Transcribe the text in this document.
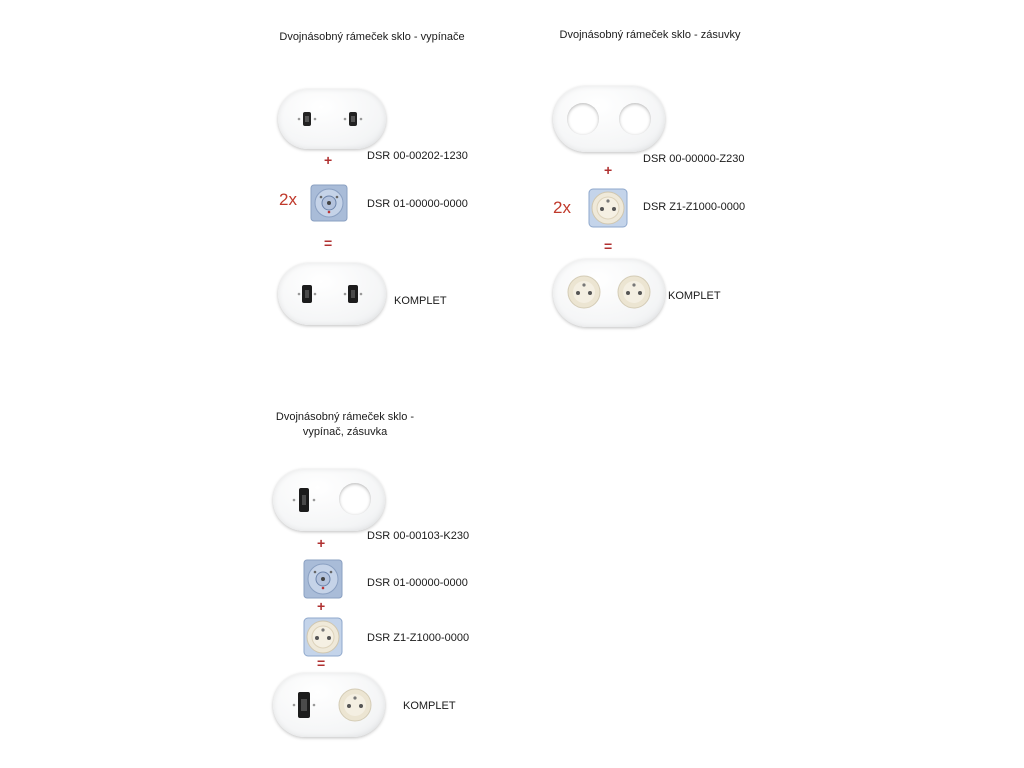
Dvojnásobný rámeček sklo - vypínače
DSR 00-00202-1230
+
2x	DSR 01-00000-0000
=
KOMPLET
Dvojnásobný rámeček sklo - zásuvky
DSR 00-00000-Z230
+
2x	DSR Z1-Z1000-0000
=
KOMPLET
Dvojnásobný rámeček sklo -
vypínač, zásuvka
DSR 00-00103-K230
+
DSR 01-00000-0000
+
DSR Z1-Z1000-0000
=
KOMPLET
